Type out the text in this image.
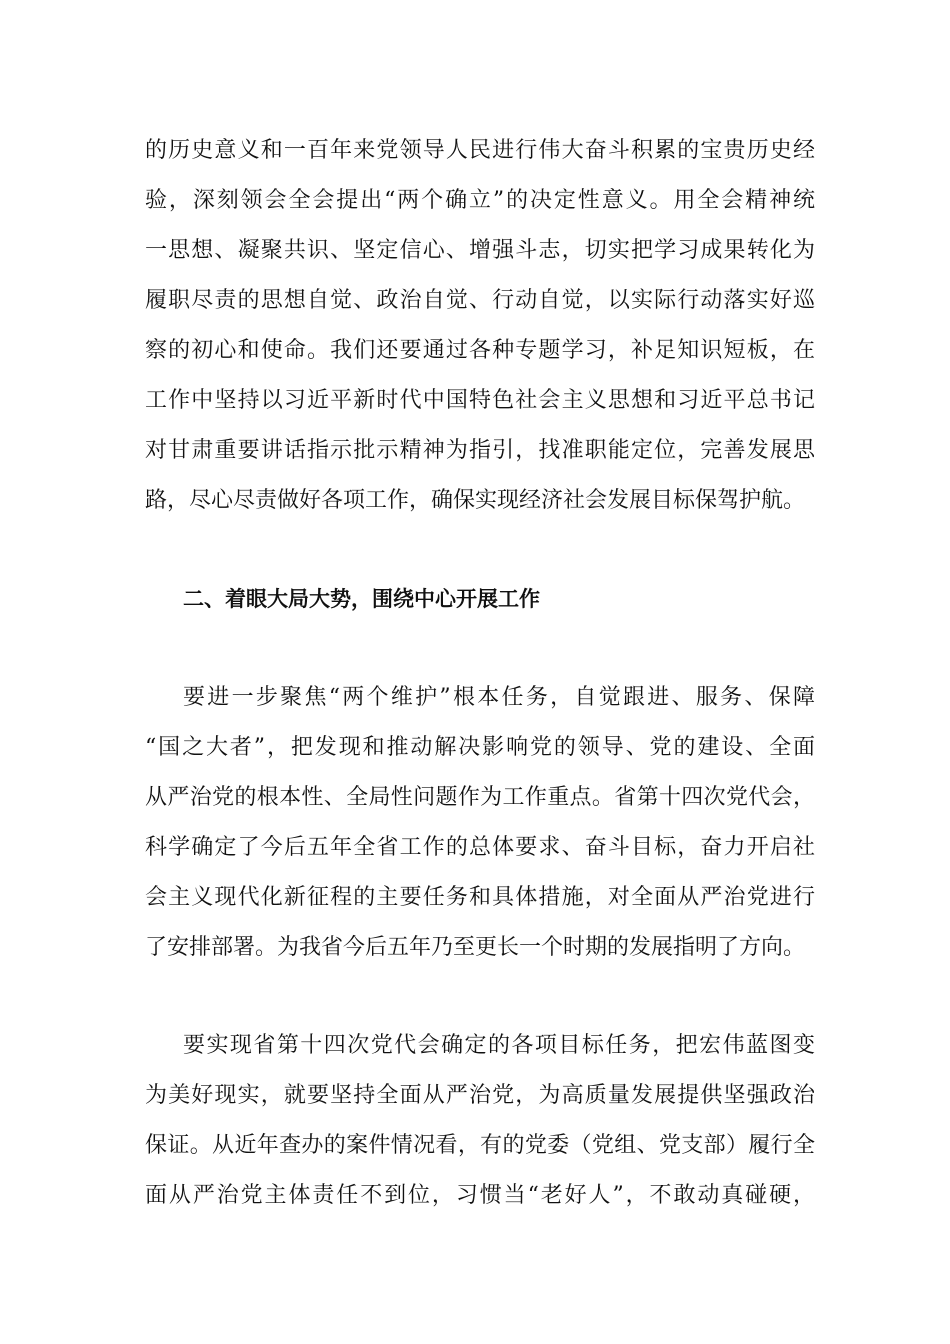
的历史意义和一百年来党领导人民进行伟大奋斗积累的宝贵历史经
验，深刻领会全会提出“两个确立”的决定性意义。用全会精神统
一思想、凝聚共识、坚定信心、增强斗志，切实把学习成果转化为
履职尽责的思想自觉、政治自觉、行动自觉，以实际行动落实好巡
察的初心和使命。我们还要通过各种专题学习，补足知识短板，在
工作中坚持以习近平新时代中国特色社会主义思想和习近平总书记
对甘肃重要讲话指示批示精神为指引，找准职能定位，完善发展思
路，尽心尽责做好各项工作，确保实现经济社会发展目标保驾护航。
二、着眼大局大势，围绕中心开展工作
要进一步聚焦“两个维护”根本任务，自觉跟进、服务、保障
“国之大者”，把发现和推动解决影响党的领导、党的建设、全面
从严治党的根本性、全局性问题作为工作重点。省第十四次党代会，
科学确定了今后五年全省工作的总体要求、奋斗目标，奋力开启社
会主义现代化新征程的主要任务和具体措施，对全面从严治党进行
了安排部署。为我省今后五年乃至更长一个时期的发展指明了方向。
要实现省第十四次党代会确定的各项目标任务，把宏伟蓝图变
为美好现实，就要坚持全面从严治党，为高质量发展提供坚强政治
保证。从近年查办的案件情况看，有的党委（党组、党支部）履行全
面从严治党主体责任不到位，习惯当“老好人”，不敢动真碰硬，
